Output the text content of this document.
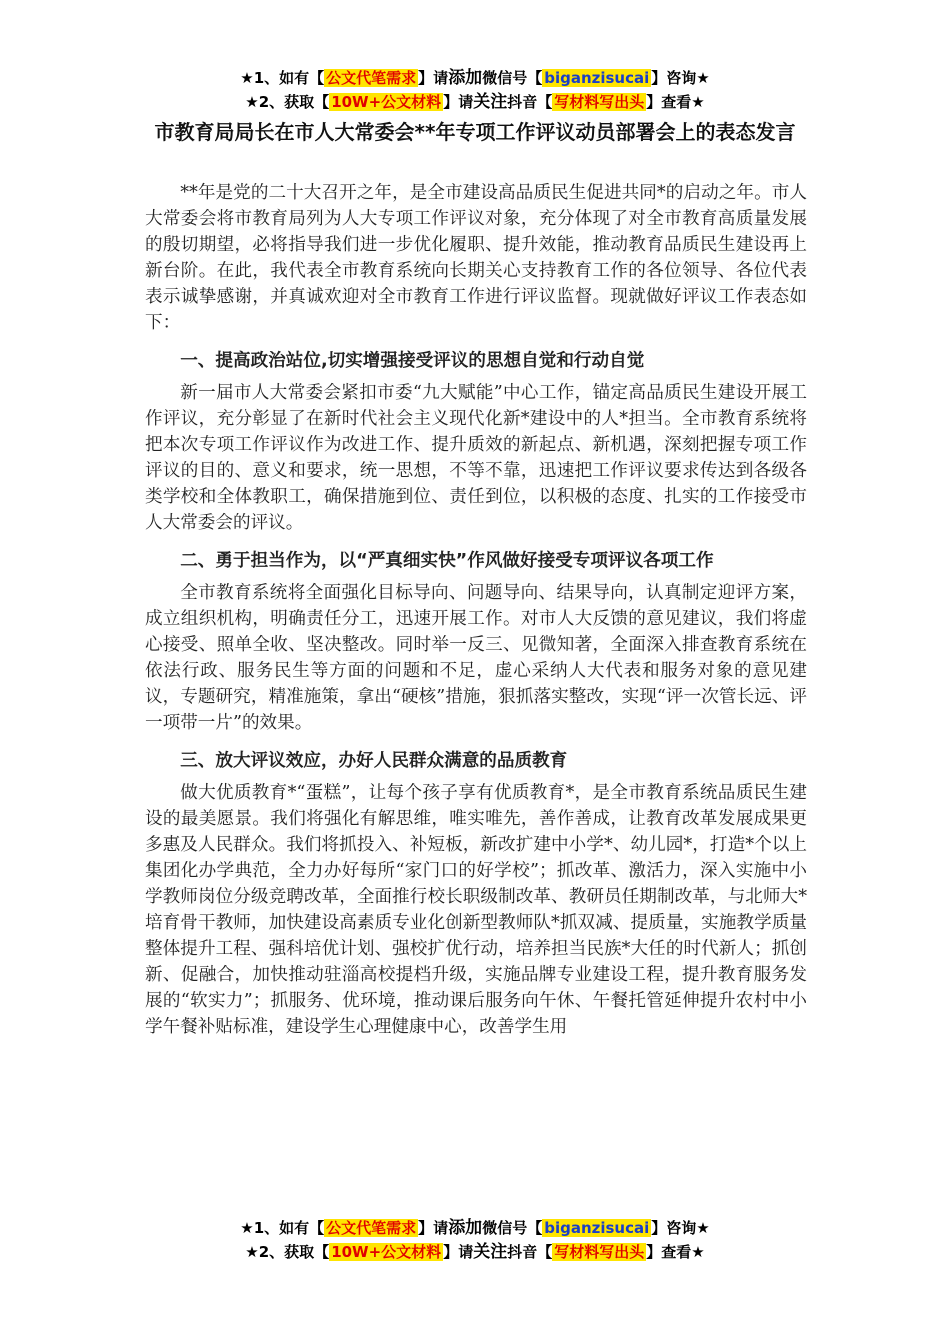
★1、如有【 公文代笔需求 】请添加微信号【 biganzisucai 】咨询★
★2、获取【 10W+公文材料 】请关注抖音【 写材料写出头 】查看★
市教育局局长在市人大常委会**年专项工作评议动员部署会上的表态发言

**年是党的二十大召开之年，是全市建设高品质民生促进共同*的启动之年。市人大常委会将市教育局列为人大专项工作评议对象，充分体现了对全市教育高质量发展的殷切期望，必将指导我们进一步优化履职、提升效能，推动教育品质民生建设再上新台阶。在此，我代表全市教育系统向长期关心支持教育工作的各位领导、各位代表表示诚挚感谢，并真诚欢迎对全市教育工作进行评议监督。现就做好评议工作表态如下：

一、提高政治站位,切实增强接受评议的思想自觉和行动自觉

新一届市人大常委会紧扣市委“九大赋能”中心工作，锚定高品质民生建设开展工作评议，充分彰显了在新时代社会主义现代化新*建设中的人*担当。全市教育系统将把本次专项工作评议作为改进工作、提升质效的新起点、新机遇，深刻把握专项工作评议的目的、意义和要求，统一思想，不等不靠，迅速把工作评议要求传达到各级各类学校和全体教职工，确保措施到位、责任到位，以积极的态度、扎实的工作接受市人大常委会的评议。

二、勇于担当作为，以“严真细实快”作风做好接受专项评议各项工作

全市教育系统将全面强化目标导向、问题导向、结果导向，认真制定迎评方案，成立组织机构，明确责任分工，迅速开展工作。对市人大反馈的意见建议，我们将虚心接受、照单全收、坚决整改。同时举一反三、见微知著，全面深入排查教育系统在依法行政、服务民生等方面的问题和不足，虚心采纳人大代表和服务对象的意见建议，专题研究，精准施策，拿出“硬核”措施，狠抓落实整改，实现“评一次管长远、评一项带一片”的效果。

三、放大评议效应，办好人民群众满意的品质教育

做大优质教育*“蛋糕”，让每个孩子享有优质教育*，是全市教育系统品质民生建设的最美愿景。我们将强化有解思维，唯实唯先，善作善成，让教育改革发展成果更多惠及人民群众。我们将抓投入、补短板，新改扩建中小学*、幼儿园*，打造*个以上集团化办学典范，全力办好每所“家门口的好学校”；抓改革、激活力，深入实施中小学教师岗位分级竞聘改革，全面推行校长职级制改革、教研员任期制改革，与北师大*培育骨干教师，加快建设高素质专业化创新型教师队*抓双减、提质量，实施教学质量整体提升工程、强科培优计划、强校扩优行动，培养担当民族*大任的时代新人；抓创新、促融合，加快推动驻淄高校提档升级，实施品牌专业建设工程，提升教育服务发展的“软实力”；抓服务、优环境，推动课后服务向午休、午餐托管延伸提升农村中小学午餐补贴标准，建设学生心理健康中心，改善学生用

★1、如有【 公文代笔需求 】请添加微信号【 biganzisucai 】咨询★
★2、获取【 10W+公文材料 】请关注抖音【 写材料写出头 】查看★
